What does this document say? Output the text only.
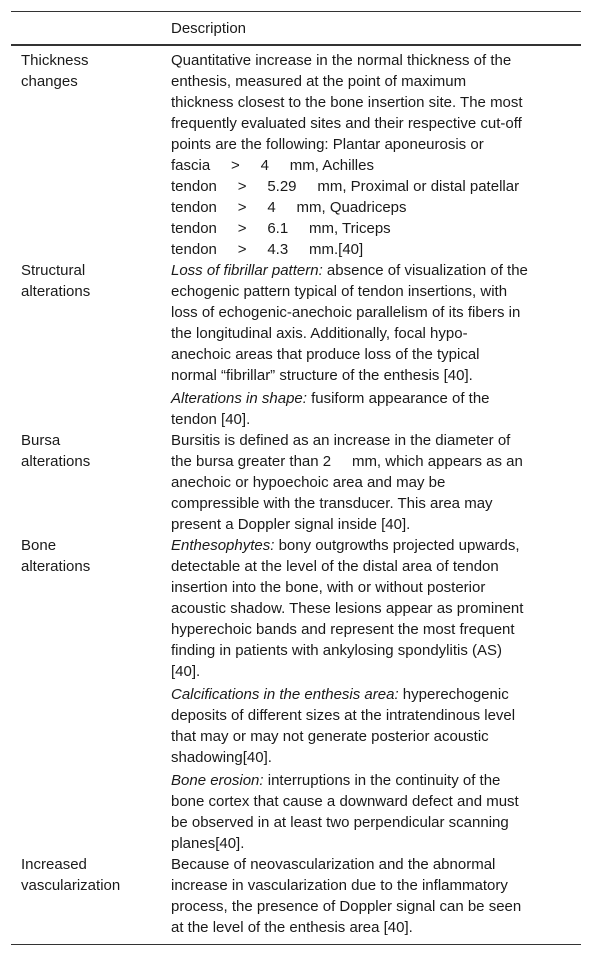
Description
Thickness
changes
Quantitative increase in the normal thickness of the
enthesis, measured at the point of maximum
thickness closest to the bone insertion site. The most
frequently evaluated sites and their respective cut-off
points are the following: Plantar aponeurosis or
fascia     >     4     mm, Achilles
tendon     >     5.29     mm, Proximal or distal patellar
tendon     >     4     mm, Quadriceps
tendon     >     6.1     mm, Triceps
tendon     >     4.3     mm.[40]
Structural
alterations
Loss of fibrillar pattern: absence of visualization of the
echogenic pattern typical of tendon insertions, with
loss of echogenic-anechoic parallelism of its fibers in
the longitudinal axis. Additionally, focal hypo-
anechoic areas that produce loss of the typical
normal “fibrillar” structure of the enthesis [40].
Alterations in shape: fusiform appearance of the
tendon [40].
Bursa
alterations
Bursitis is defined as an increase in the diameter of
the bursa greater than 2     mm, which appears as an
anechoic or hypoechoic area and may be
compressible with the transducer. This area may
present a Doppler signal inside [40].
Bone
alterations
Enthesophytes: bony outgrowths projected upwards,
detectable at the level of the distal area of tendon
insertion into the bone, with or without posterior
acoustic shadow. These lesions appear as prominent
hyperechoic bands and represent the most frequent
finding in patients with ankylosing spondylitis (AS)
[40].
Calcifications in the enthesis area: hyperechogenic
deposits of different sizes at the intratendinous level
that may or may not generate posterior acoustic
shadowing[40].
Bone erosion: interruptions in the continuity of the
bone cortex that cause a downward defect and must
be observed in at least two perpendicular scanning
planes[40].
Increased
vascularization
Because of neovascularization and the abnormal
increase in vascularization due to the inflammatory
process, the presence of Doppler signal can be seen
at the level of the enthesis area [40].
